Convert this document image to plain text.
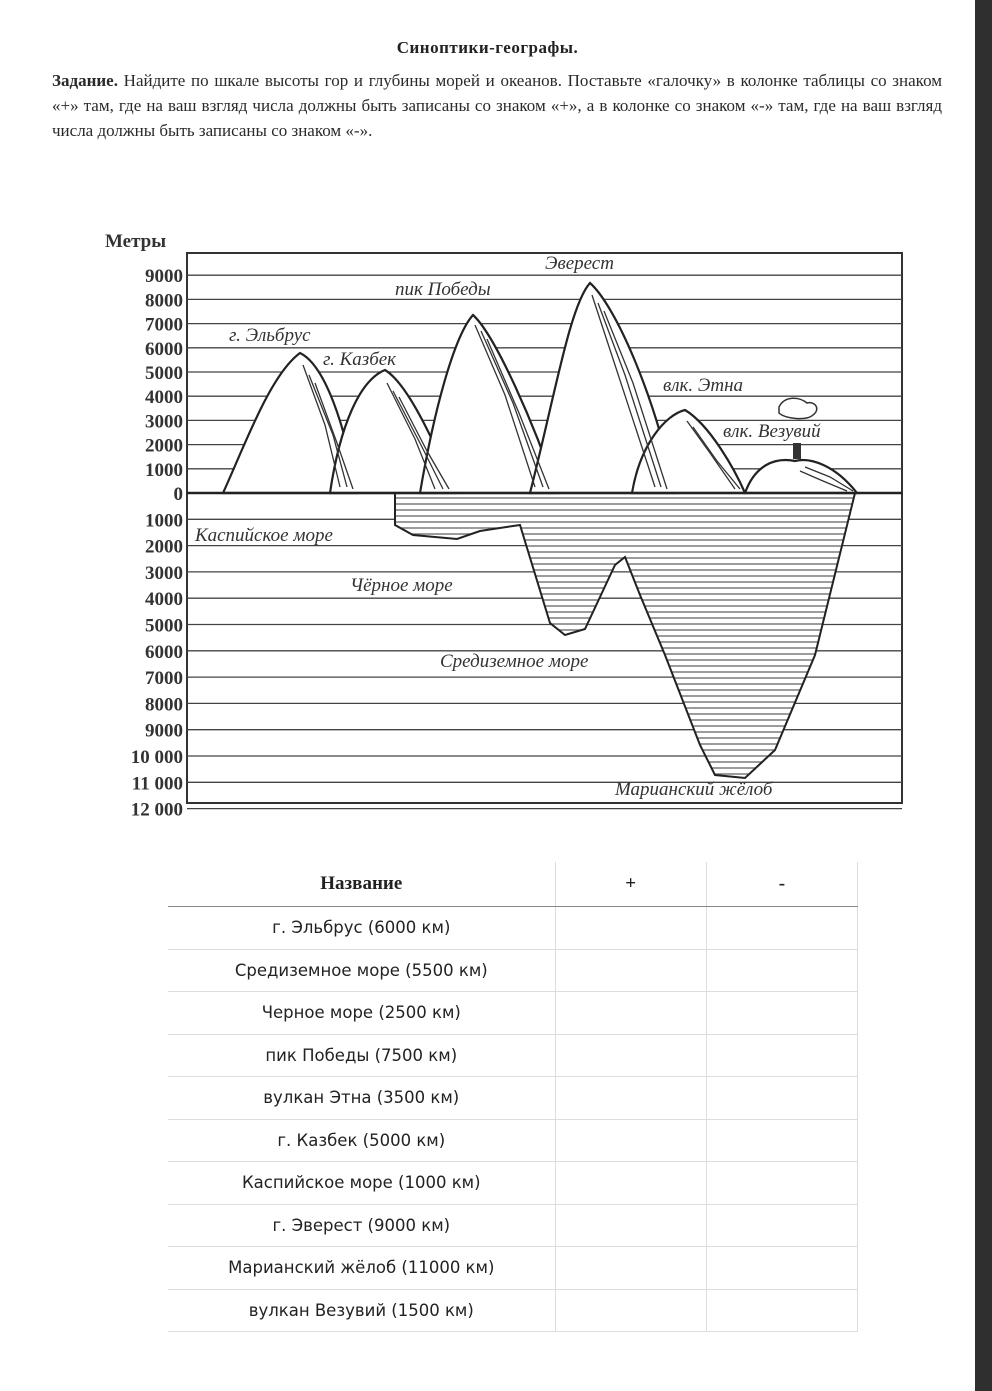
Синоптики-географы.
Задание. Найдите по шкале высоты гор и глубины морей и океанов. Поставьте «галочку» в колонке таблицы со знаком «+» там, где на ваш взгляд числа должны быть записаны со знаком «+», а в колонке со знаком «-» там, где на ваш взгляд числа должны быть записаны со знаком «-».
Метры
9000
8000
7000
6000
5000
4000
3000
2000
1000
0
1000
2000
3000
4000
5000
6000
7000
8000
9000
10 000
11 000
12 000
Эверест
пик Победы
г. Эльбрус
г. Казбек
влк. Этна
влк. Везувий
Каспийское море
Чёрное море
Средиземное море
Марианский жёлоб
Название	+	-
г. Эльбрус (6000 км)		
Средиземное море (5500 км)		
Черное море (2500 км)		
пик Победы (7500 км)		
вулкан Этна (3500 км)		
г. Казбек (5000 км)		
Каспийское море (1000 км)		
г. Эверест (9000 км)		
Марианский жёлоб (11000 км)		
вулкан Везувий (1500 км)		
